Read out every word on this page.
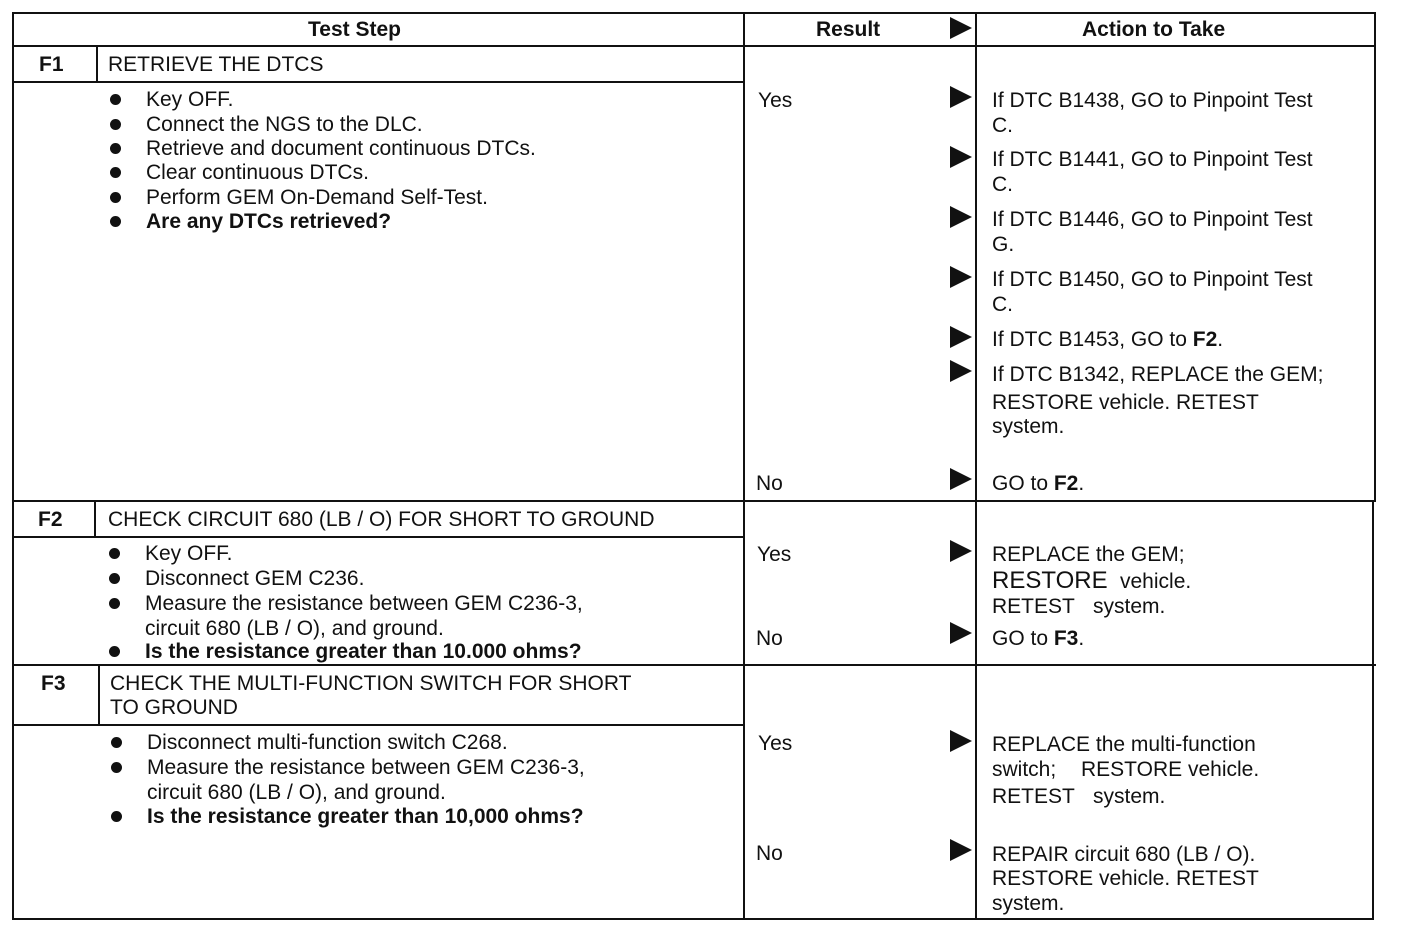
Test Step	Result	Action to Take
F1 RETRIEVE THE DTCS
Key OFF.
Connect the NGS to the DLC.
Retrieve and document continuous DTCs.
Clear continuous DTCs.
Perform GEM On-Demand Self-Test.
Are any DTCs retrieved?
Yes	If DTC B1438, GO to Pinpoint Test
C.
If DTC B1441, GO to Pinpoint Test
C.
If DTC B1446, GO to Pinpoint Test
G.
If DTC B1450, GO to Pinpoint Test
C.
If DTC B1453, GO to F2.
If DTC B1342, REPLACE the GEM;
RESTORE vehicle. RETEST
system.
No	GO to F2.
F2 CHECK CIRCUIT 680 (LB / O) FOR SHORT TO GROUND
Key OFF.
Disconnect GEM C236.
Measure the resistance between GEM C236-3,
circuit 680 (LB / O), and ground.
Is the resistance greater than 10.000 ohms?
Yes	REPLACE the GEM;
RESTORE vehicle.
RETEST system.
No	GO to F3.
F3 CHECK THE MULTI-FUNCTION SWITCH FOR SHORT
TO GROUND
Disconnect multi-function switch C268.
Measure the resistance between GEM C236-3,
circuit 680 (LB / O), and ground.
Is the resistance greater than 10,000 ohms?
Yes	REPLACE the multi-function
switch; RESTORE vehicle.
RETEST system.
No	REPAIR circuit 680 (LB / O).
RESTORE vehicle. RETEST
system.
